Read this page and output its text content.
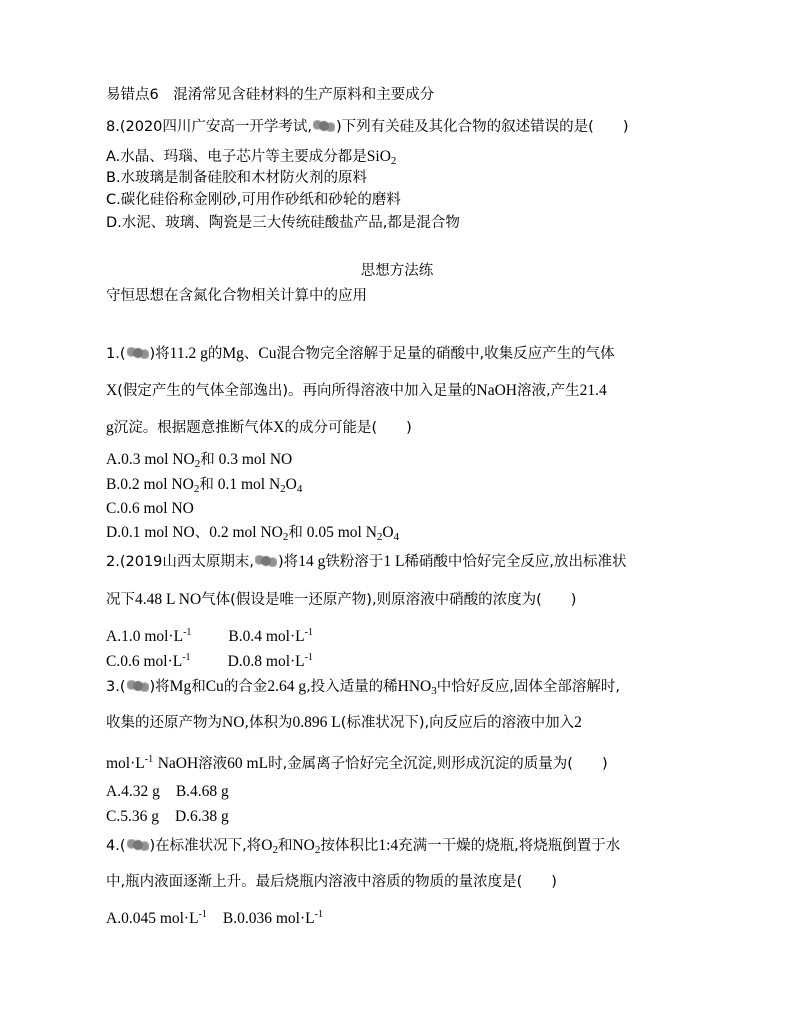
易错点6　混淆常见含硅材料的生产原料和主要成分
8.(2020四川广安高一开学考试, )下列有关硅及其化合物的叙述错误的是(　　)
A.水晶、玛瑙、电子芯片等主要成分都是SiO$_2$
B.水玻璃是制备硅胶和木材防火剂的原料
C.碳化硅俗称金刚砂,可用作砂纸和砂轮的磨料
D.水泥、玻璃、陶瓷是三大传统硅酸盐产品,都是混合物
思想方法练
守恒思想在含氮化合物相关计算中的应用
1.( )将11.2 g的Mg、Cu混合物完全溶解于足量的硝酸中,收集反应产生的气体
X(假定产生的气体全部逸出)。再向所得溶液中加入足量的NaOH溶液,产生21.4
g沉淀。根据题意推断气体X的成分可能是(　　)
A.0.3 mol $NO_2$和 0.3 mol NO
B.0.2 mol $NO_2$和 0.1 mol $N_2O_4$
C.0.6 mol NO
D.0.1 mol NO、0.2 mol $NO_2$和 0.05 mol $N_2O_4$
2.(2019山西太原期末, )将14 g铁粉溶于1 L稀硝酸中恰好完全反应,放出标准状
况下4.48 L NO气体(假设是唯一还原产物),则原溶液中硝酸的浓度为(　　)
A.1.0 $mol\cdot L^{-1}$ B.0.4 $mol\cdot L^{-1}$
C.0.6 $mol\cdot L^{-1}$ D.0.8 $mol\cdot L^{-1}$
3.( )将Mg和Cu的合金2.64 g,投入适量的稀$HNO_3$中恰好反应,固体全部溶解时,
收集的还原产物为NO,体积为0.896 L(标准状况下),向反应后的溶液中加入2
$mol\cdot L^{-1}$ NaOH溶液60 mL时,金属离子恰好完全沉淀,则形成沉淀的质量为(　　)
A.4.32 g B.4.68 g
C.5.36 g D.6.38 g
4.( )在标准状况下,将$O_2$和$NO_2$按体积比1:4充满一干燥的烧瓶,将烧瓶倒置于水
中,瓶内液面逐渐上升。最后烧瓶内溶液中溶质的物质的量浓度是(　　)
A.0.045 $mol\cdot L^{-1}$ B.0.036 $mol\cdot L^{-1}$
